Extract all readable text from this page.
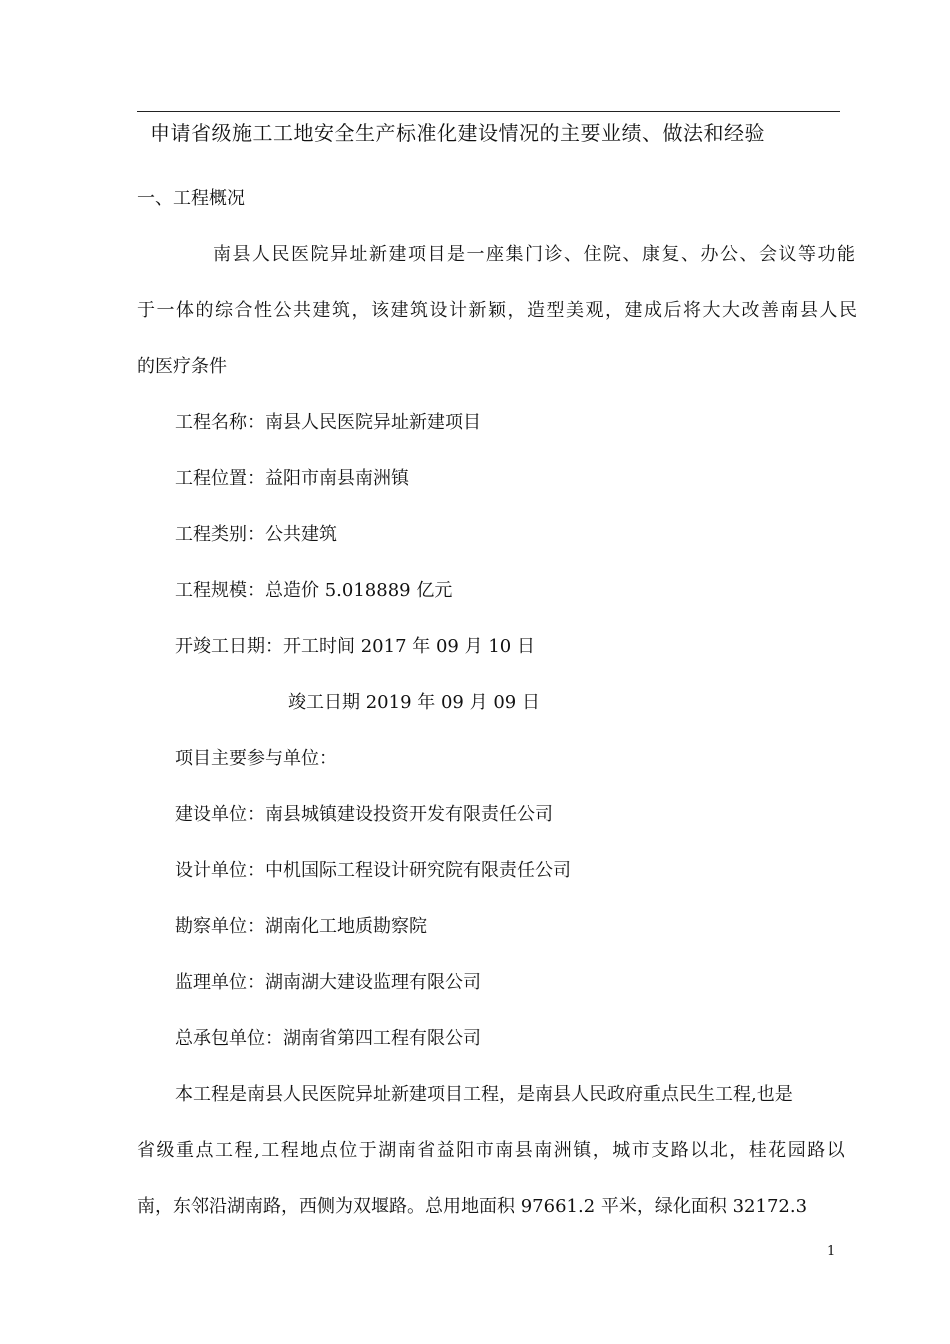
申请省级施工工地安全生产标准化建设情况的主要业绩、做法和经验
一、工程概况
南县人民医院异址新建项目是一座集门诊、住院、康复、办公、会议等功能
于一体的综合性公共建筑，该建筑设计新颖，造型美观，建成后将大大改善南县人民
的医疗条件
工程名称：南县人民医院异址新建项目
工程位置：益阳市南县南洲镇
工程类别：公共建筑
工程规模：总造价 5.018889 亿元
开竣工日期：开工时间 2017 年 09 月 10 日
竣工日期 2019 年 09 月 09 日
项目主要参与单位：
建设单位：南县城镇建设投资开发有限责任公司
设计单位：中机国际工程设计研究院有限责任公司
勘察单位：湖南化工地质勘察院
监理单位：湖南湖大建设监理有限公司
总承包单位：湖南省第四工程有限公司
本工程是南县人民医院异址新建项目工程，是南县人民政府重点民生工程,也是
省级重点工程,工程地点位于湖南省益阳市南县南洲镇，城市支路以北，桂花园路以
南，东邻沿湖南路，西侧为双堰路。总用地面积 97661.2 平米，绿化面积 32172.3
1
